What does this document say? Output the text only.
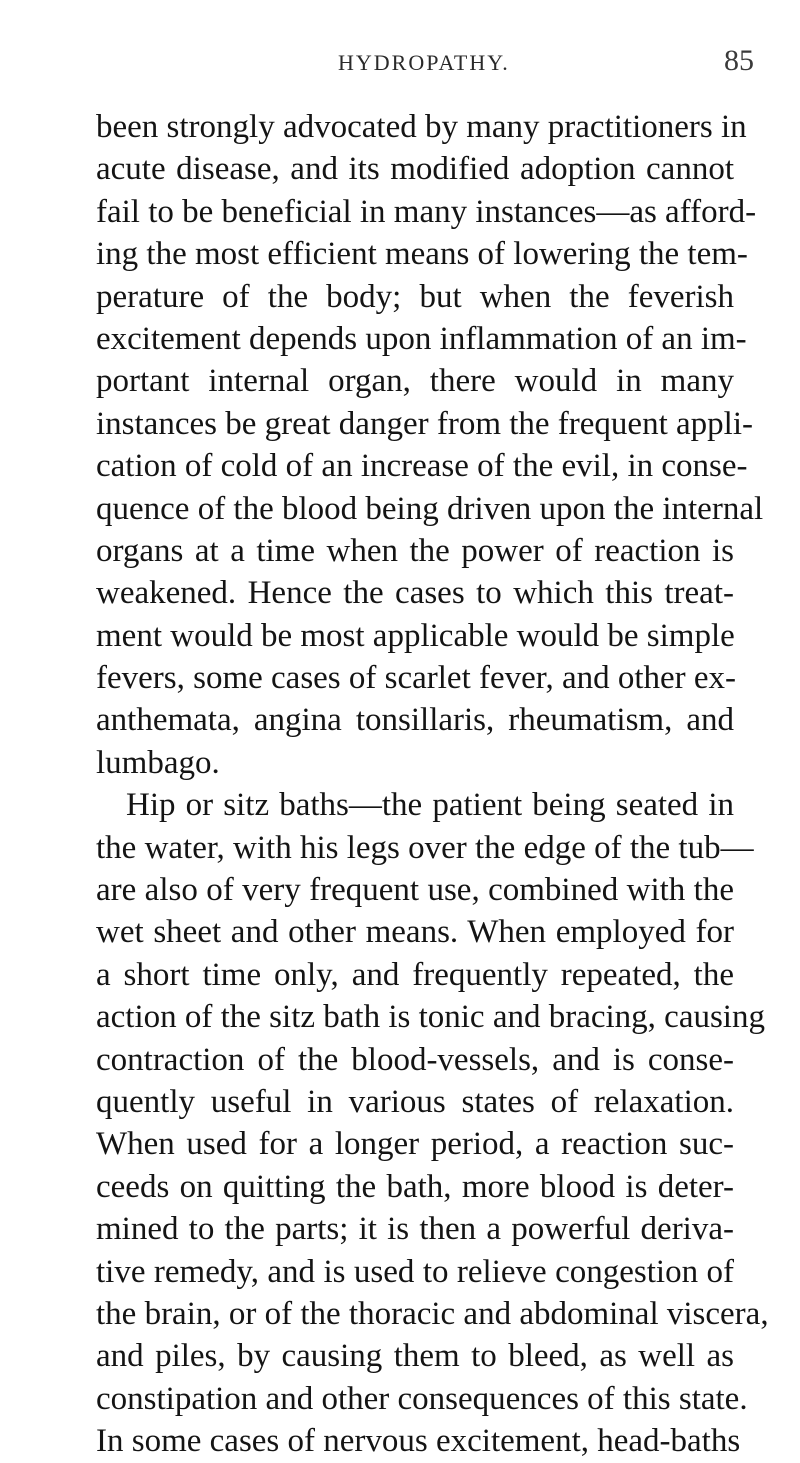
HYDROPATHY.	85
been strongly advocated by many practitioners in
acute disease, and its modified adoption cannot
fail to be beneficial in many instances—as afford-
ing the most efficient means of lowering the tem-
perature of the body; but when the feverish
excitement depends upon inflammation of an im-
portant internal organ, there would in many
instances be great danger from the frequent appli-
cation of cold of an increase of the evil, in conse-
quence of the blood being driven upon the internal
organs at a time when the power of reaction is
weakened. Hence the cases to which this treat-
ment would be most applicable would be simple
fevers, some cases of scarlet fever, and other ex-
anthemata, angina tonsillaris, rheumatism, and
lumbago.
Hip or sitz baths—the patient being seated in
the water, with his legs over the edge of the tub—
are also of very frequent use, combined with the
wet sheet and other means. When employed for
a short time only, and frequently repeated, the
action of the sitz bath is tonic and bracing, causing
contraction of the blood-vessels, and is conse-
quently useful in various states of relaxation.
When used for a longer period, a reaction suc-
ceeds on quitting the bath, more blood is deter-
mined to the parts; it is then a powerful deriva-
tive remedy, and is used to relieve congestion of
the brain, or of the thoracic and abdominal viscera,
and piles, by causing them to bleed, as well as
constipation and other consequences of this state.
In some cases of nervous excitement, head-baths
